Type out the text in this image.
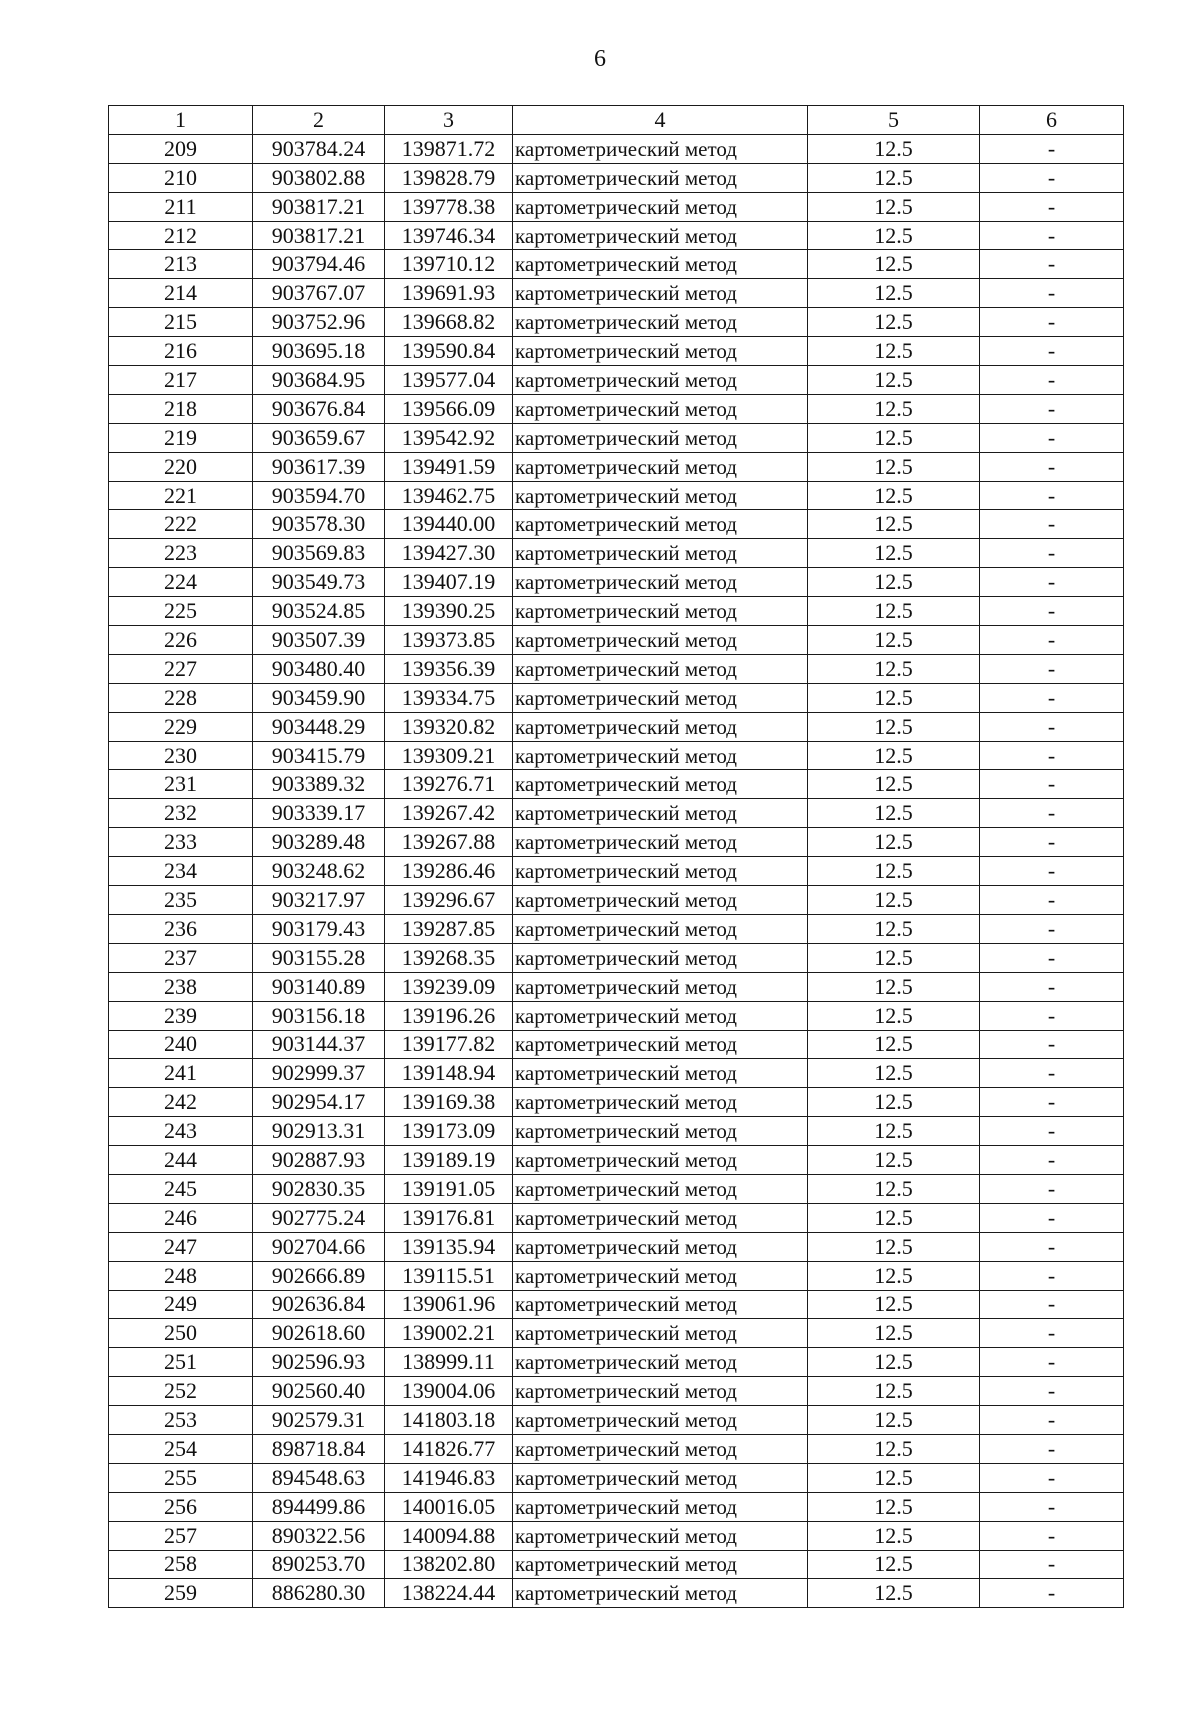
6
1	2	3	4	5	6
209	903784.24	139871.72	картометрический метод	12.5	-
210	903802.88	139828.79	картометрический метод	12.5	-
211	903817.21	139778.38	картометрический метод	12.5	-
212	903817.21	139746.34	картометрический метод	12.5	-
213	903794.46	139710.12	картометрический метод	12.5	-
214	903767.07	139691.93	картометрический метод	12.5	-
215	903752.96	139668.82	картометрический метод	12.5	-
216	903695.18	139590.84	картометрический метод	12.5	-
217	903684.95	139577.04	картометрический метод	12.5	-
218	903676.84	139566.09	картометрический метод	12.5	-
219	903659.67	139542.92	картометрический метод	12.5	-
220	903617.39	139491.59	картометрический метод	12.5	-
221	903594.70	139462.75	картометрический метод	12.5	-
222	903578.30	139440.00	картометрический метод	12.5	-
223	903569.83	139427.30	картометрический метод	12.5	-
224	903549.73	139407.19	картометрический метод	12.5	-
225	903524.85	139390.25	картометрический метод	12.5	-
226	903507.39	139373.85	картометрический метод	12.5	-
227	903480.40	139356.39	картометрический метод	12.5	-
228	903459.90	139334.75	картометрический метод	12.5	-
229	903448.29	139320.82	картометрический метод	12.5	-
230	903415.79	139309.21	картометрический метод	12.5	-
231	903389.32	139276.71	картометрический метод	12.5	-
232	903339.17	139267.42	картометрический метод	12.5	-
233	903289.48	139267.88	картометрический метод	12.5	-
234	903248.62	139286.46	картометрический метод	12.5	-
235	903217.97	139296.67	картометрический метод	12.5	-
236	903179.43	139287.85	картометрический метод	12.5	-
237	903155.28	139268.35	картометрический метод	12.5	-
238	903140.89	139239.09	картометрический метод	12.5	-
239	903156.18	139196.26	картометрический метод	12.5	-
240	903144.37	139177.82	картометрический метод	12.5	-
241	902999.37	139148.94	картометрический метод	12.5	-
242	902954.17	139169.38	картометрический метод	12.5	-
243	902913.31	139173.09	картометрический метод	12.5	-
244	902887.93	139189.19	картометрический метод	12.5	-
245	902830.35	139191.05	картометрический метод	12.5	-
246	902775.24	139176.81	картометрический метод	12.5	-
247	902704.66	139135.94	картометрический метод	12.5	-
248	902666.89	139115.51	картометрический метод	12.5	-
249	902636.84	139061.96	картометрический метод	12.5	-
250	902618.60	139002.21	картометрический метод	12.5	-
251	902596.93	138999.11	картометрический метод	12.5	-
252	902560.40	139004.06	картометрический метод	12.5	-
253	902579.31	141803.18	картометрический метод	12.5	-
254	898718.84	141826.77	картометрический метод	12.5	-
255	894548.63	141946.83	картометрический метод	12.5	-
256	894499.86	140016.05	картометрический метод	12.5	-
257	890322.56	140094.88	картометрический метод	12.5	-
258	890253.70	138202.80	картометрический метод	12.5	-
259	886280.30	138224.44	картометрический метод	12.5	-
